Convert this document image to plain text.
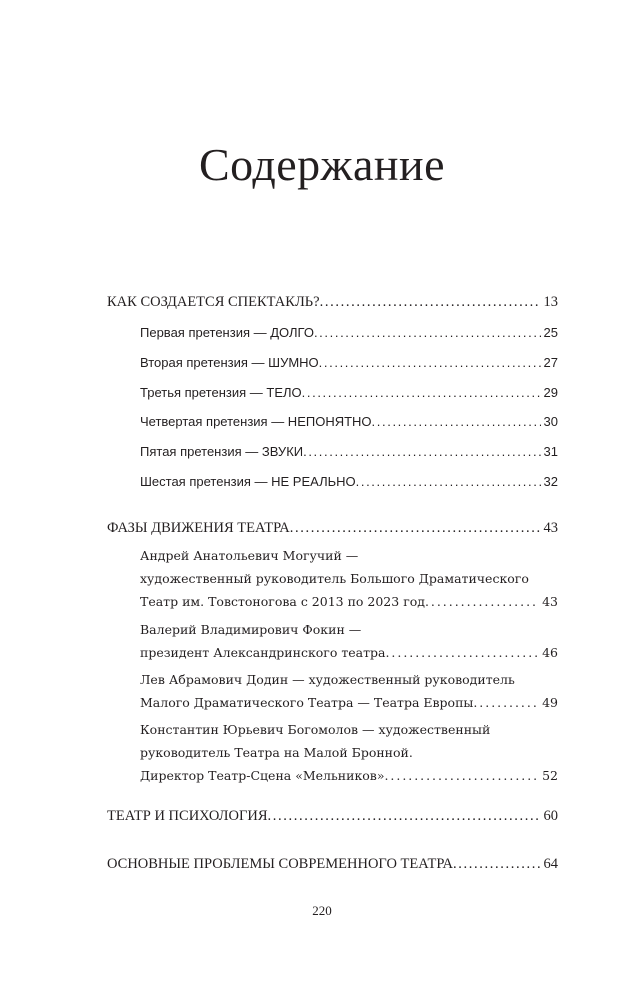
Содержание
КАК СОЗДАЕТСЯ СПЕКТАКЛЬ? . . .	13
Первая претензия — ДОЛГО . . .	25
Вторая претензия — ШУМНО . . .	27
Третья претензия — ТЕЛО . . .	29
Четвертая претензия — НЕПОНЯТНО . . .	30
Пятая претензия — ЗВУКИ . . .	31
Шестая претензия — НЕ РЕАЛЬНО . . .	32
ФАЗЫ ДВИЖЕНИЯ ТЕАТРА . . .	43
Андрей Анатольевич Могучий —
художественный руководитель Большого Драматического
Театр им. Товстоногова с 2013 по 2023 год . . .	43
Валерий Владимирович Фокин —
президент Александринского театра . . .	46
Лев Абрамович Додин — художественный руководитель
Малого Драматического Театра — Театра Европы . . .	49
Константин Юрьевич Богомолов — художественный
руководитель Театра на Малой Бронной.
Директор Театр-Сцена «Мельников» . . .	52
ТЕАТР И ПСИХОЛОГИЯ . . .	60
ОСНОВНЫЕ ПРОБЛЕМЫ СОВРЕМЕННОГО ТЕАТРА . . .	64
220
